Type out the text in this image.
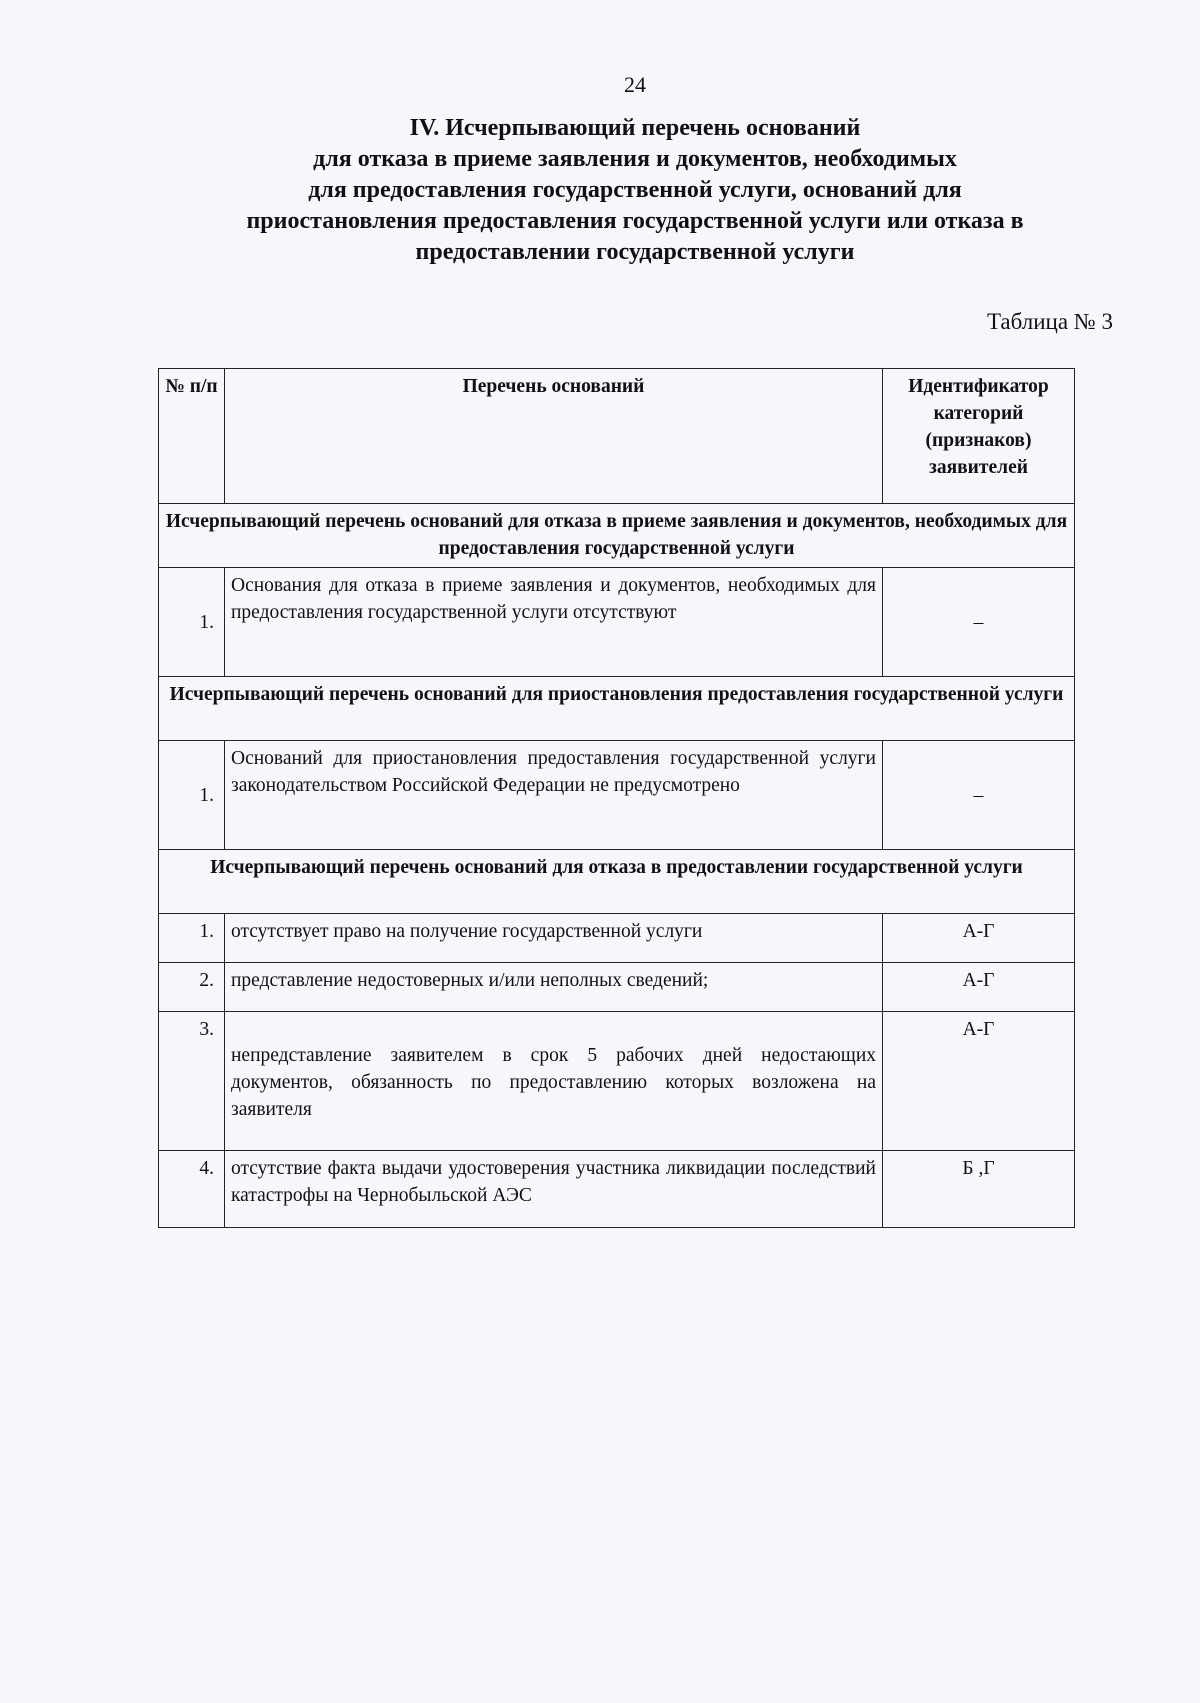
24
IV. Исчерпывающий перечень оснований
для отказа в приеме заявления и документов, необходимых
для предоставления государственной услуги, оснований для
приостановления предоставления государственной услуги или отказа в
предоставлении государственной услуги
Таблица № 3
№ п/п	Перечень оснований	Идентификатор категорий (признаков) заявителей
Исчерпывающий перечень оснований для отказа в приеме заявления и документов, необходимых для предоставления государственной услуги		
1.	Основания для отказа в приеме заявления и документов, необходимых для предоставления государственной услуги отсутствуют	–
Исчерпывающий перечень оснований для приостановления предоставления государственной услуги		
1.	Оснований для приостановления предоставления государственной услуги законодательством Российской Федерации не предусмотрено	–
Исчерпывающий перечень оснований для отказа в предоставлении государственной услуги		
1.	отсутствует право на получение государственной услуги	А-Г
2.	представление недостоверных и/или неполных сведений;	А-Г
3.	непредставление заявителем в срок 5 рабочих дней недостающих документов, обязанность по предоставлению которых возложена на заявителя	А-Г
4.	отсутствие факта выдачи удостоверения участника ликвидации последствий катастрофы на Чернобыльской АЭС	Б ,Г
